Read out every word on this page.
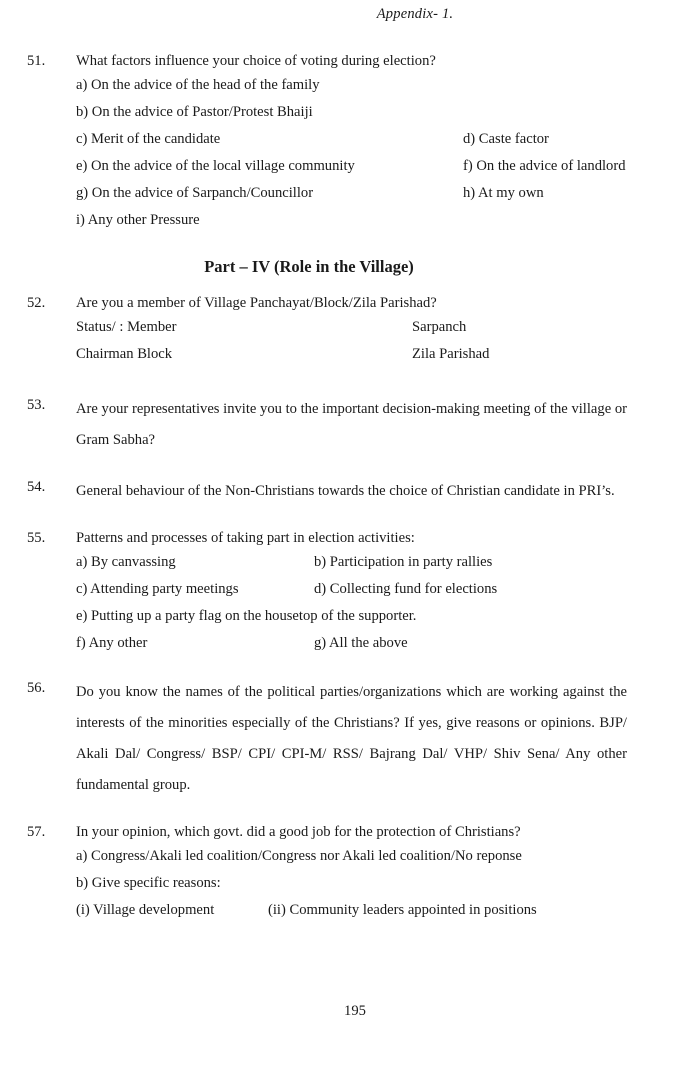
Appendix- 1.
51. What factors influence your choice of voting during election?
a) On the advice of the head of the family
b) On the advice of Pastor/Protest Bhaiji
c) Merit of the candidate	d) Caste factor
e) On the advice of the local village community	f) On the advice of landlord
g) On the advice of Sarpanch/Councillor	h) At my own
i) Any other Pressure
Part – IV (Role in the Village)
52. Are you a member of Village Panchayat/Block/Zila Parishad?
Status/ : Member	Sarpanch
Chairman Block	Zila Parishad
53. Are your representatives invite you to the important decision-making meeting of the village or Gram Sabha?
54. General behaviour of the Non-Christians towards the choice of Christian candidate in PRI’s.
55. Patterns and processes of taking part in election activities:
a) By canvassing	b) Participation in party rallies
c) Attending party meetings	d) Collecting fund for elections
e) Putting up a party flag on the housetop of the supporter.
f) Any other	g) All the above
56. Do you know the names of the political parties/organizations which are working against the interests of the minorities especially of the Christians? If yes, give reasons or opinions. BJP/ Akali Dal/ Congress/ BSP/ CPI/ CPI-M/ RSS/ Bajrang Dal/ VHP/ Shiv Sena/ Any other fundamental group.
57. In your opinion, which govt. did a good job for the protection of Christians?
a) Congress/Akali led coalition/Congress nor Akali led coalition/No reponse
b) Give specific reasons:
(i) Village development	(ii) Community leaders appointed in positions
195
